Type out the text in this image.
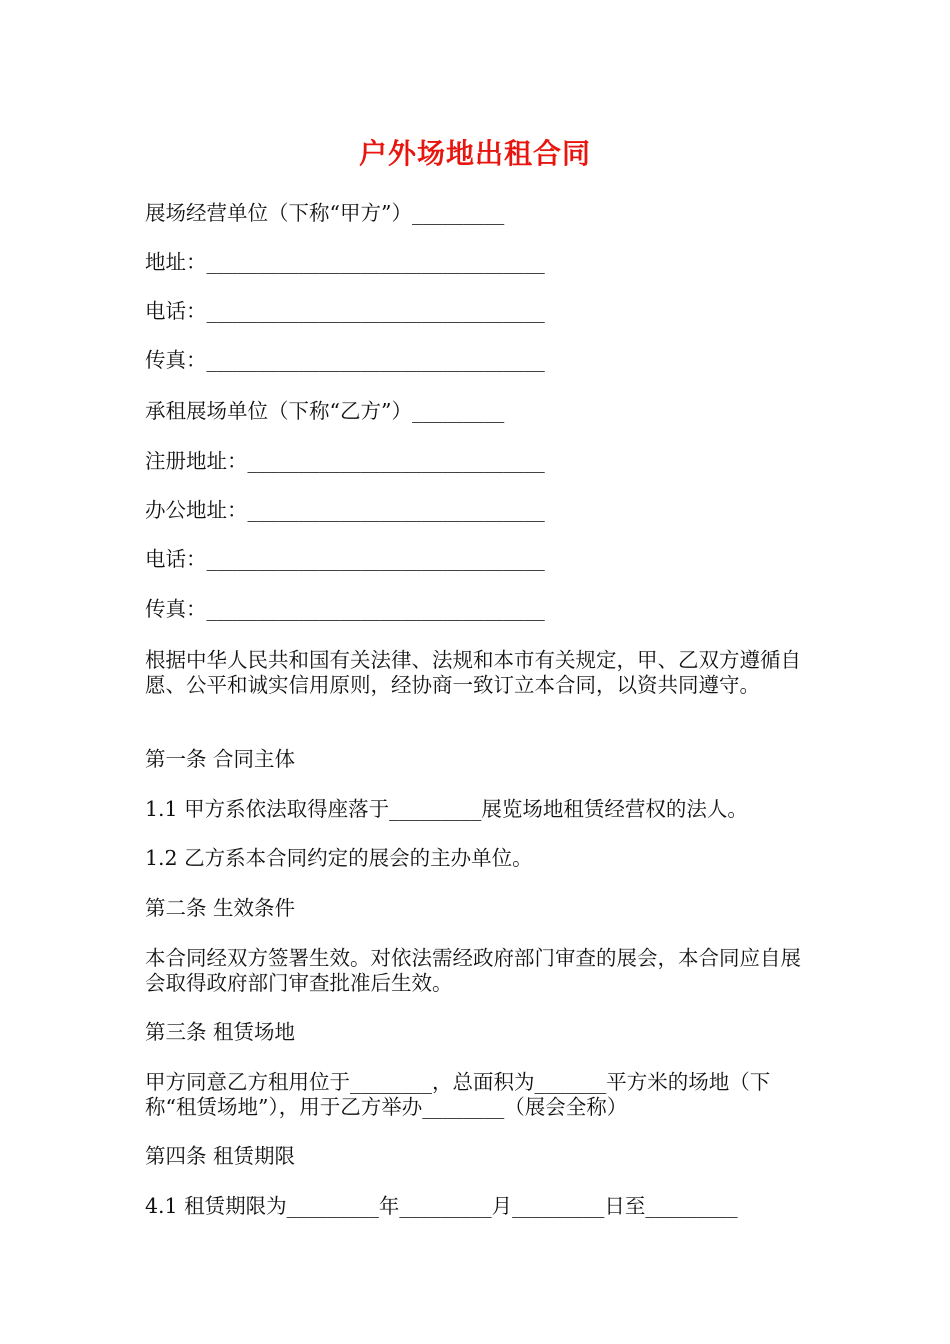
户外场地出租合同
展场经营单位（下称“甲方”）_________
地址：_________________________________
电话：_________________________________
传真：_________________________________
承租展场单位（下称“乙方”）_________
注册地址：_____________________________
办公地址：_____________________________
电话：_________________________________
传真：_________________________________
根据中华人民共和国有关法律、法规和本市有关规定，甲、乙双方遵循自愿、公平和诚实信用原则，经协商一致订立本合同，以资共同遵守。
第一条 合同主体
1.1 甲方系依法取得座落于_________展览场地租赁经营权的法人。
1.2 乙方系本合同约定的展会的主办单位。
第二条 生效条件
本合同经双方签署生效。对依法需经政府部门审查的展会，本合同应自展会取得政府部门审查批准后生效。
第三条 租赁场地
甲方同意乙方租用位于________，总面积为_______平方米的场地（下称“租赁场地”），用于乙方举办________（展会全称）
第四条 租赁期限
4.1 租赁期限为_________年_________月_________日至_________
